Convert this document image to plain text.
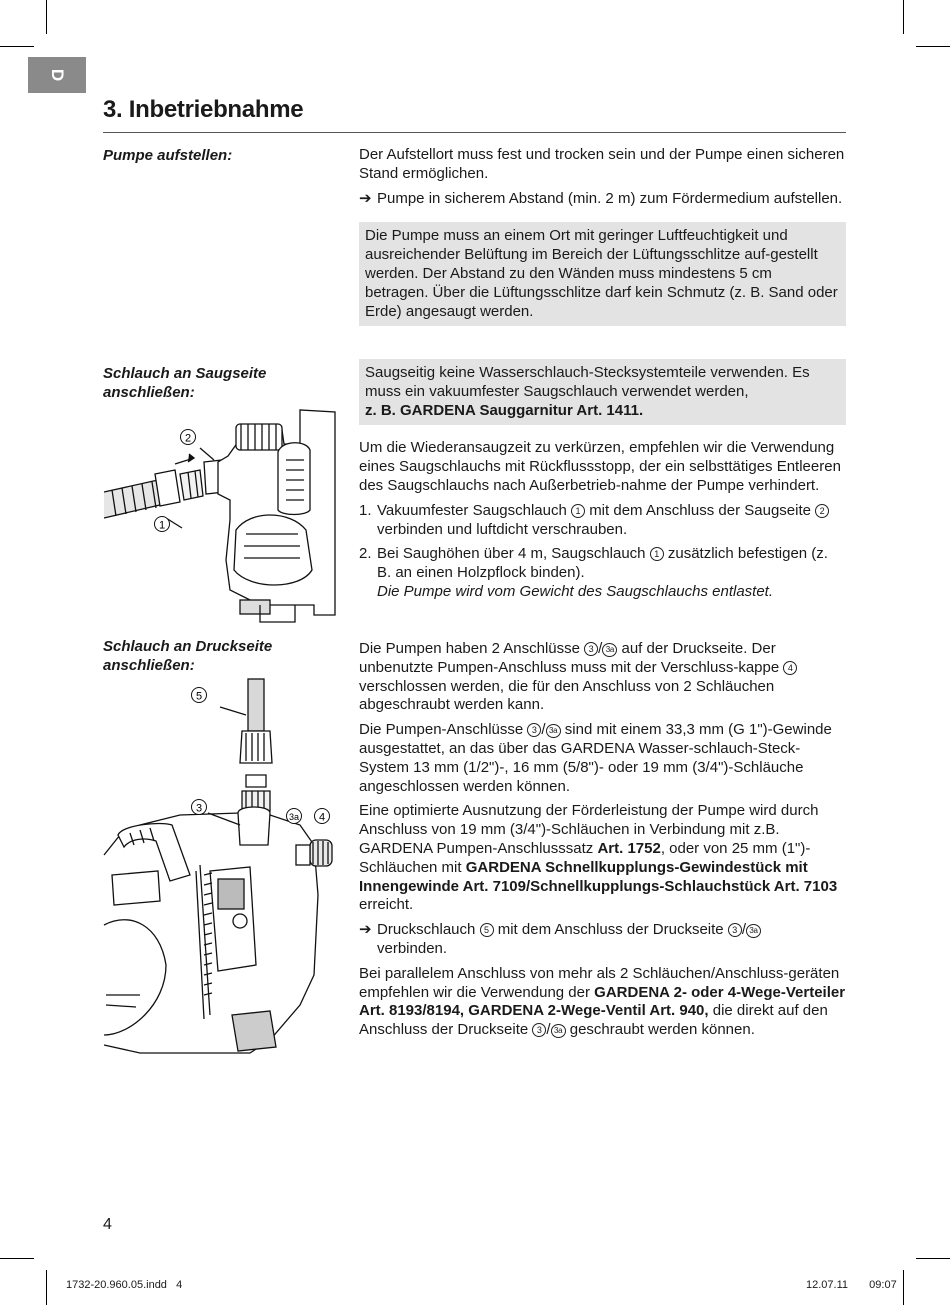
D
3. Inbetriebnahme
Pumpe aufstellen:
Schlauch an Saugseite
anschließen:
Schlauch an Druckseite
anschließen:

Der Aufstellort muss fest und trocken sein und der Pumpe einen sicheren Stand ermöglichen.

➔ Pumpe in sicherem Abstand (min. 2 m) zum Fördermedium aufstellen.

Die Pumpe muss an einem Ort mit geringer Luftfeuchtigkeit und ausreichender Belüftung im Bereich der Lüftungsschlitze auf-gestellt werden. Der Abstand zu den Wänden muss mindestens 5 cm betragen. Über die Lüftungsschlitze darf kein Schmutz (z. B. Sand oder Erde) angesaugt werden.
Saugseitig keine Wasserschlauch-Stecksystemteile verwenden. Es muss ein vakuumfester Saugschlauch verwendet werden,
z. B. GARDENA Sauggarnitur Art. 1411.

Um die Wiederansaugzeit zu verkürzen, empfehlen wir die Verwendung eines Saugschlauchs mit Rückflussstopp, der ein selbsttätiges Entleeren des Saugschlauchs nach Außerbetrieb-nahme der Pumpe verhindert.

1. Vakuumfester Saugschlauch 1 mit dem Anschluss der Saugseite 2 verbinden und luftdicht verschrauben.

2. Bei Saughöhen über 4 m, Saugschlauch 1 zusätzlich befestigen (z. B. an einen Holzpflock binden).
Die Pumpe wird vom Gewicht des Saugschlauchs entlastet.

Die Pumpen haben 2 Anschlüsse 3 / 3a auf der Druckseite. Der unbenutzte Pumpen-Anschluss muss mit der Verschluss-kappe 4 verschlossen werden, die für den Anschluss von 2 Schläuchen abgeschraubt werden kann.

Die Pumpen-Anschlüsse 3 / 3a sind mit einem 33,3 mm (G 1")-Gewinde ausgestattet, an das über das GARDENA Wasser-schlauch-Steck-System 13 mm (1/2")-, 16 mm (5/8")- oder 19 mm (3/4")-Schläuche angeschlossen werden können.

Eine optimierte Ausnutzung der Förderleistung der Pumpe wird durch Anschluss von 19 mm (3/4")-Schläuchen in Verbindung mit z.B. GARDENA Pumpen-Anschlusssatz Art. 1752, oder von 25 mm (1")-Schläuchen mit GARDENA Schnellkupplungs-Gewindestück mit Innengewinde Art. 7109/Schnellkupplungs-Schlauchstück Art. 7103 erreicht.

➔ Druckschlauch 5 mit dem Anschluss der Druckseite 3 / 3a
verbinden.

Bei parallelem Anschluss von mehr als 2 Schläuchen/Anschluss-geräten empfehlen wir die Verwendung der GARDENA 2- oder 4-Wege-Verteiler Art. 8193/8194, GARDENA 2-Wege-Ventil Art. 940, die direkt auf den Anschluss der Druckseite 3 / 3a geschraubt werden können.

1
2
5
3
3a 4
4
1732-20.960.05.indd   4	12.07.11   09:07
